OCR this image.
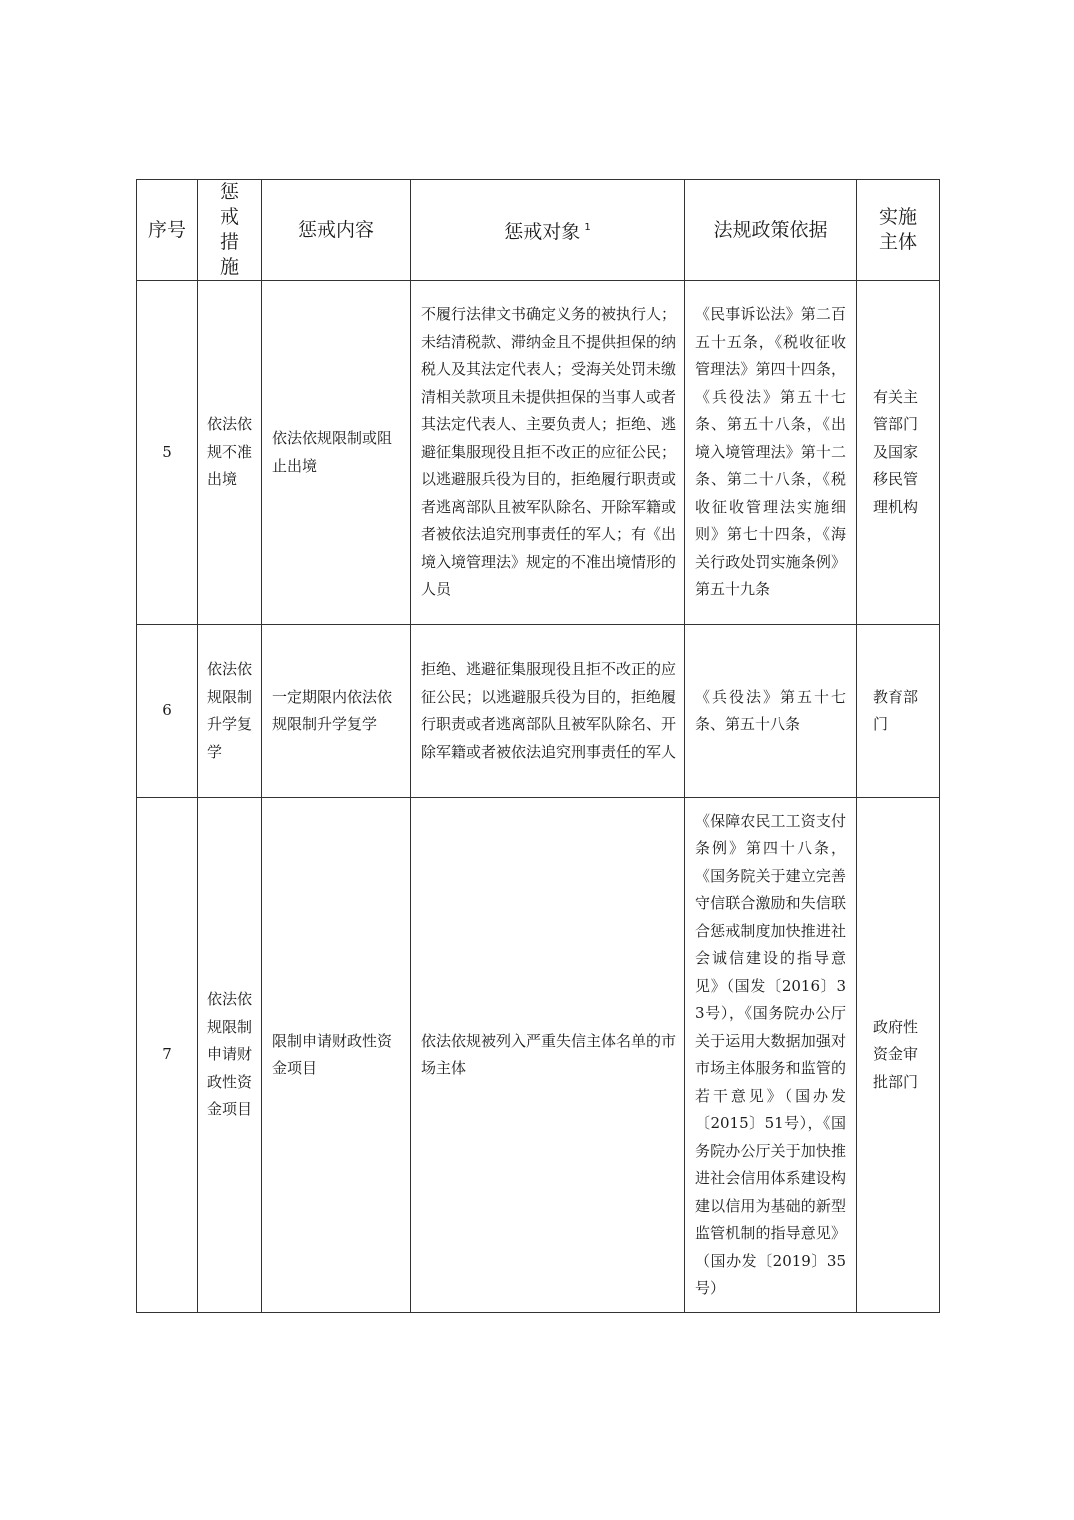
序号	惩戒措施	惩戒内容	惩戒对象 $^1$	法规政策依据	实施主体

5	依法依规不准出境	依法依规限制或阻止出境	不履行法律文书确定义务的被执行人；未结清税款、滞纳金且不提供担保的纳税人及其法定代表人；受海关处罚未缴清相关款项且未提供担保的当事人或者其法定代表人、主要负责人；拒绝、逃避征集服现役且拒不改正的应征公民；以逃避服兵役为目的，拒绝履行职责或者逃离部队且被军队除名、开除军籍或者被依法追究刑事责任的军人；有《出境入境管理法》规定的不准出境情形的人员	《民事诉讼法》第二百五十五条，《税收征收管理法》第四十四条，《兵役法》第五十七条、第五十八条，《出境入境管理法》第十二条、第二十八条，《税收征收管理法实施细则》第七十四条，《海关行政处罚实施条例》第五十九条	有关主管部门及国家移民管理机构

6	依法依规限制升学复学	一定期限内依法依规限制升学复学	拒绝、逃避征集服现役且拒不改正的应征公民；以逃避服兵役为目的，拒绝履行职责或者逃离部队且被军队除名、开除军籍或者被依法追究刑事责任的军人	《兵役法》第五十七条、第五十八条	教育部门

7	依法依规限制申请财政性资金项目	限制申请财政性资金项目	依法依规被列入严重失信主体名单的市场主体	《保障农民工工资支付条例》第四十八条，《国务院关于建立完善守信联合激励和失信联合惩戒制度加快推进社会诚信建设的指导意见》（国发〔2016〕33号），《国务院办公厅关于运用大数据加强对市场主体服务和监管的若干意见》（国办发〔2015〕51号），《国务院办公厅关于加快推进社会信用体系建设构建以信用为基础的新型监管机制的指导意见》（国办发〔2019〕35号）	政府性资金审批部门
